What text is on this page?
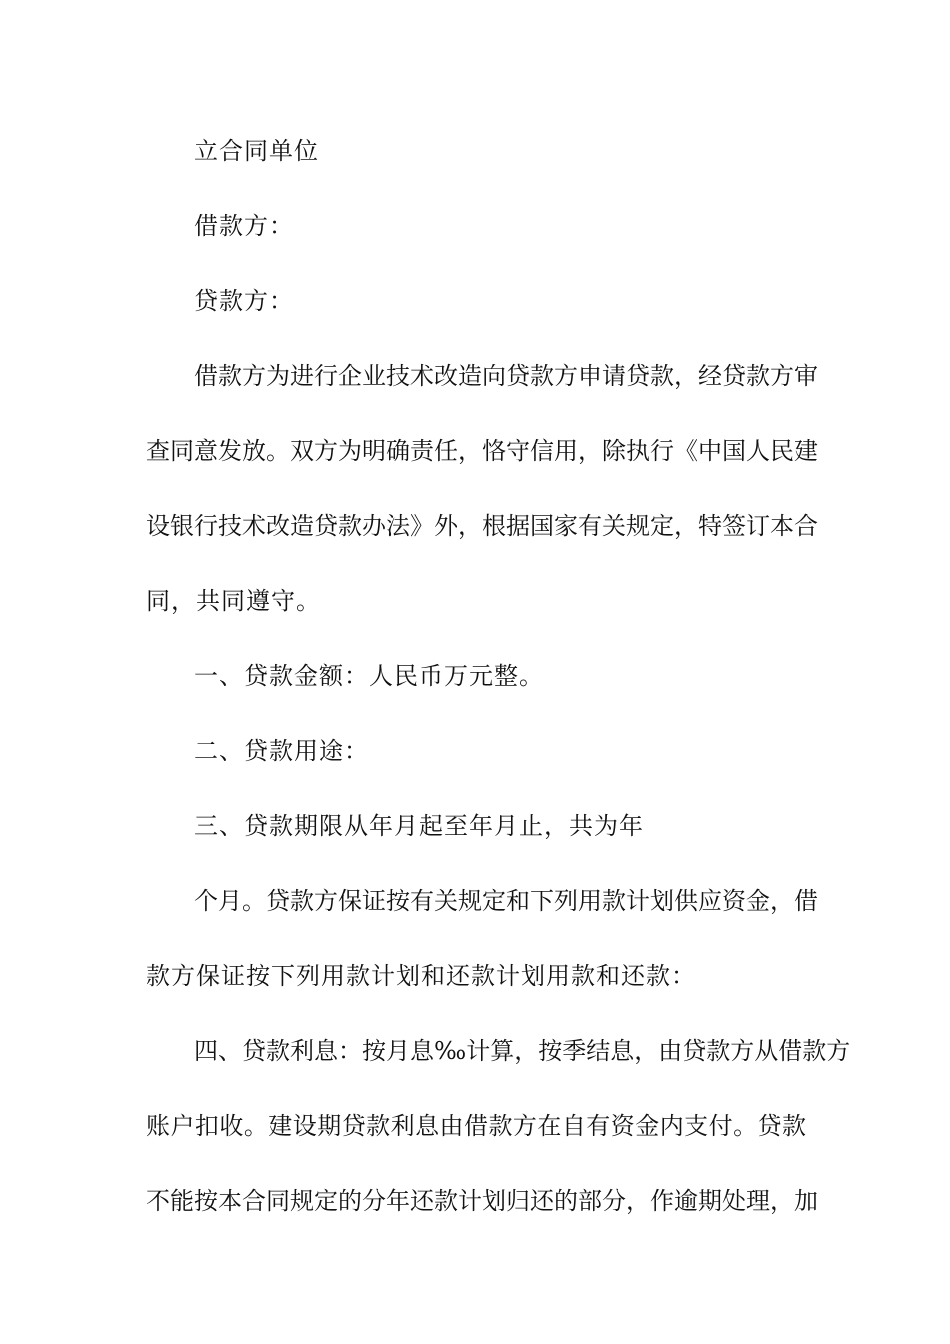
立合同单位
借款方：
贷款方：
借款方为进行企业技术改造向贷款方申请贷款，经贷款方审
查同意发放。双方为明确责任，恪守信用，除执行《中国人民建
设银行技术改造贷款办法》外，根据国家有关规定，特签订本合
同，共同遵守。
一、贷款金额：人民币万元整。
二、贷款用途：
三、贷款期限从年月起至年月止，共为年
个月。贷款方保证按有关规定和下列用款计划供应资金，借
款方保证按下列用款计划和还款计划用款和还款：
四、贷款利息：按月息‰计算，按季结息，由贷款方从借款方
账户扣收。建设期贷款利息由借款方在自有资金内支付。贷款
不能按本合同规定的分年还款计划归还的部分，作逾期处理，加
